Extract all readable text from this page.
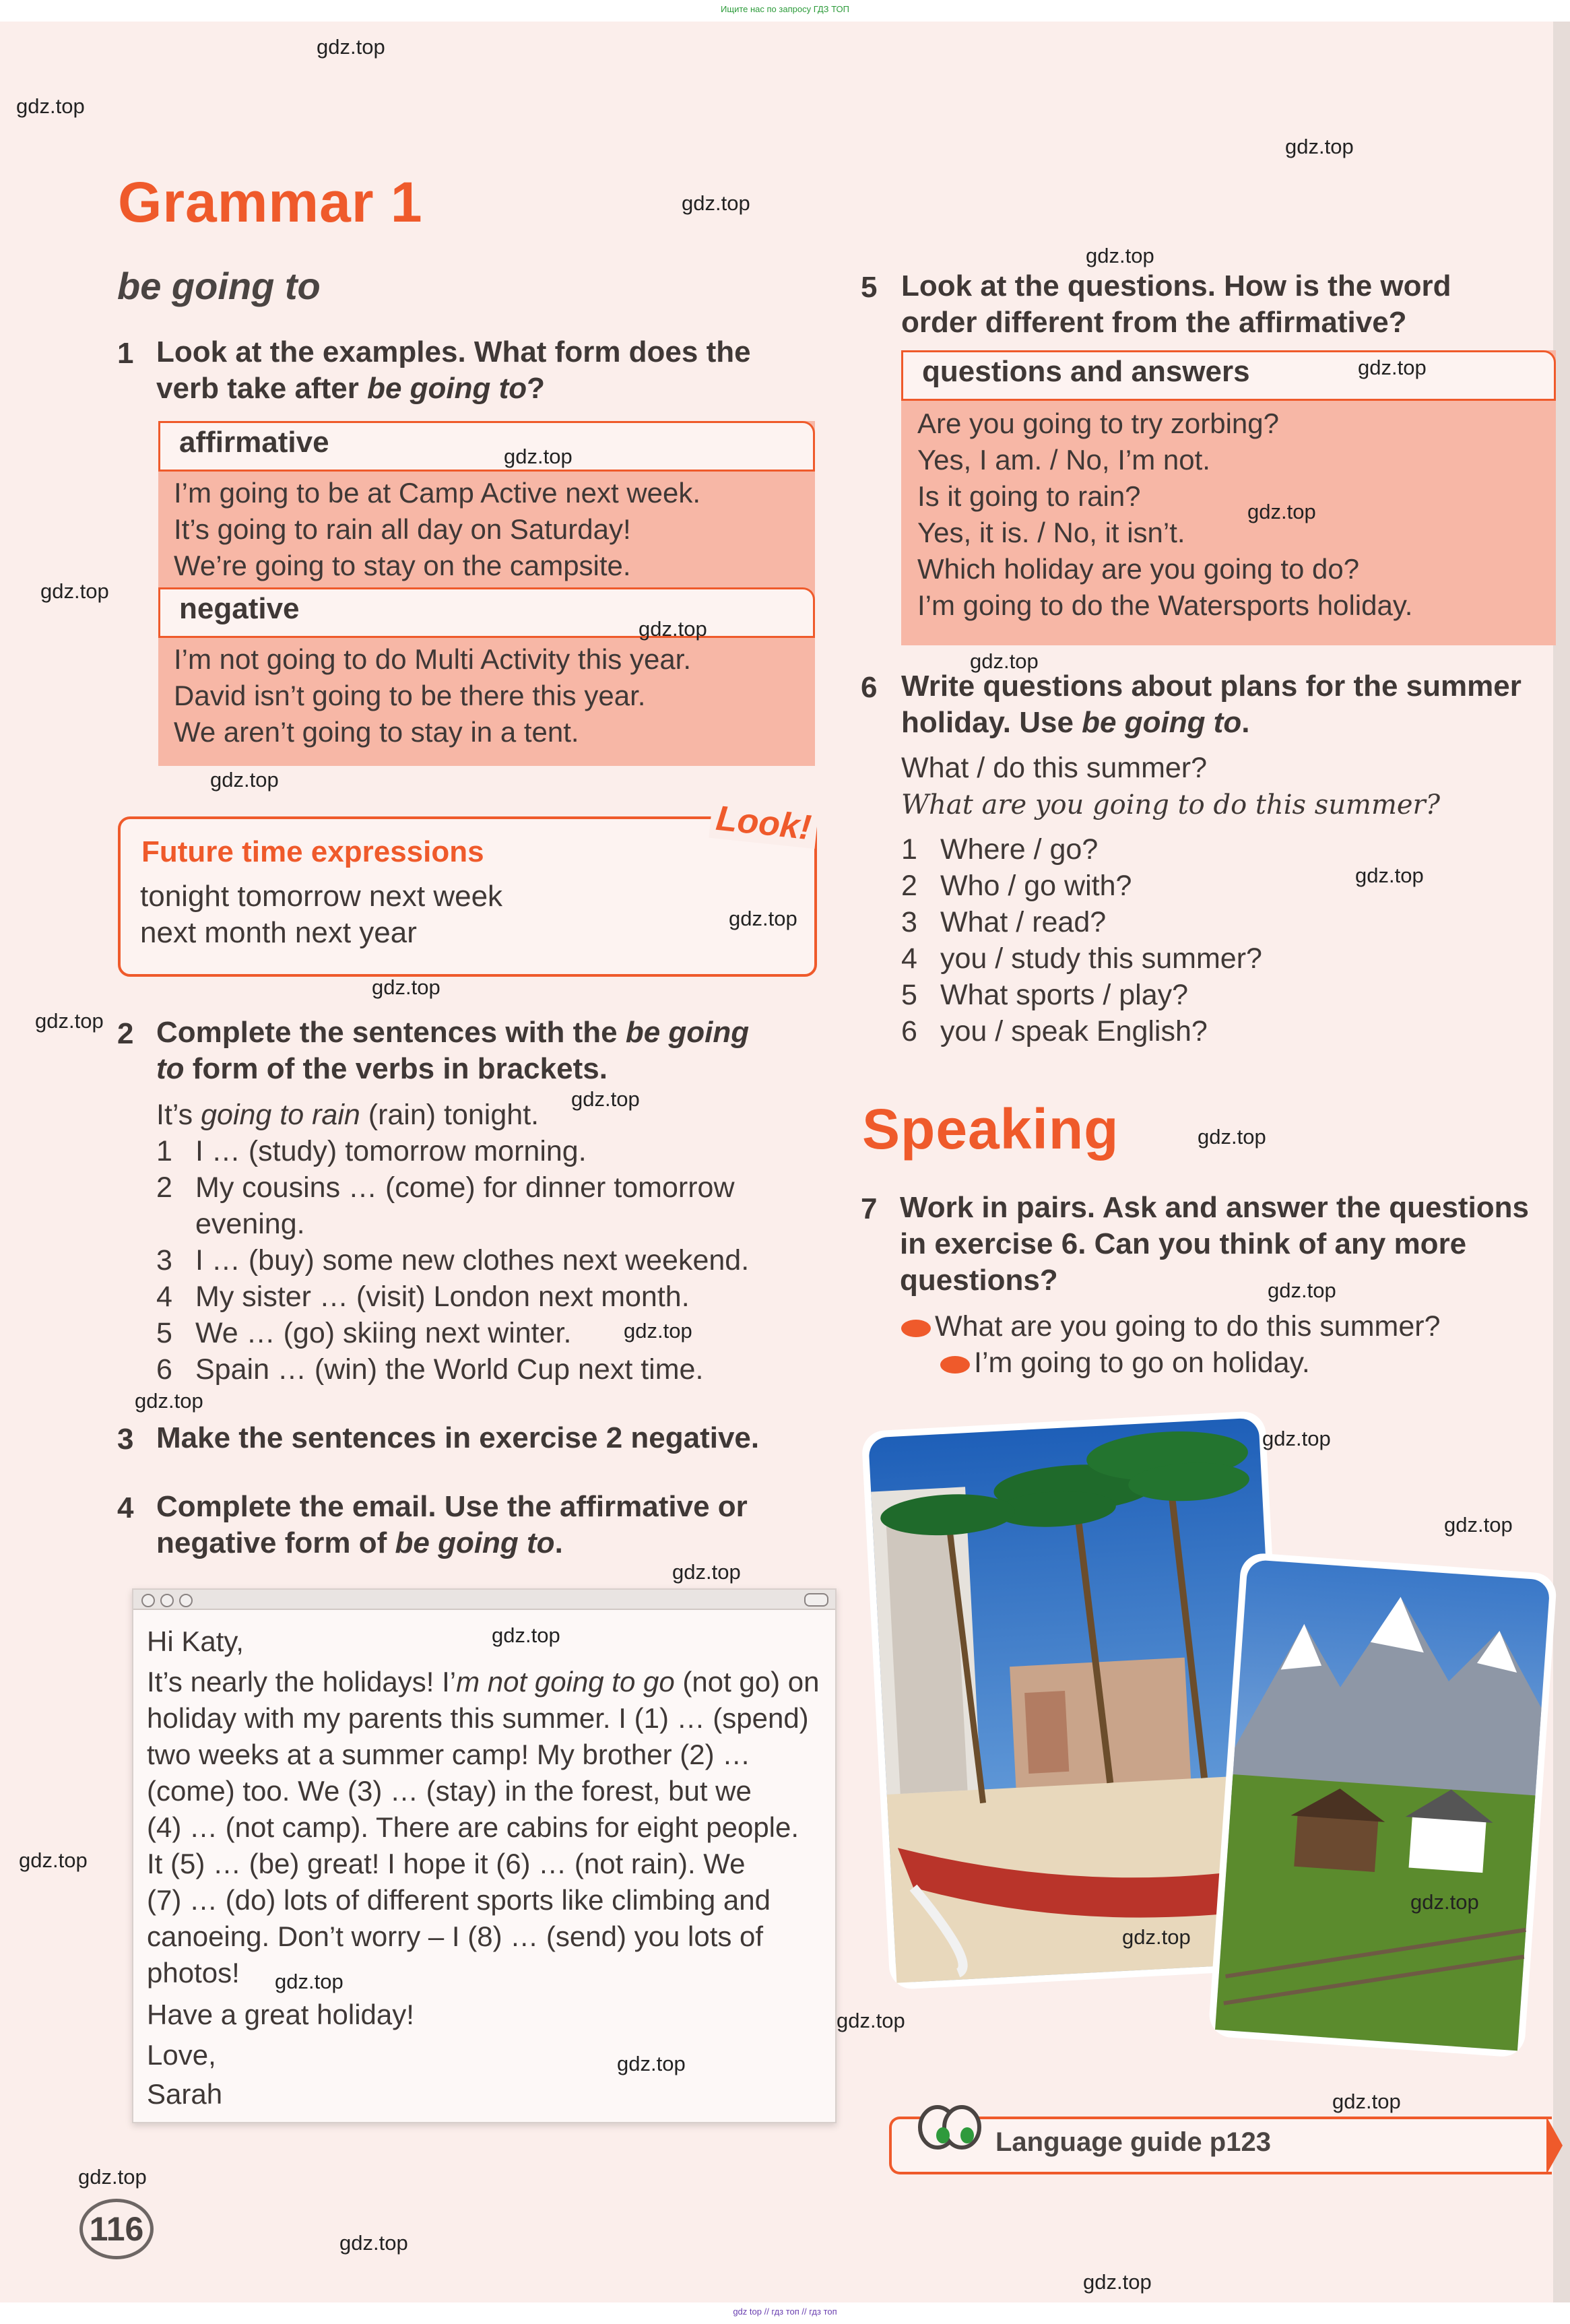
Ищите нас по запросу ГДЗ ТОП
Grammar 1
be going to
1 Look at the examples. What form does the
verb take after be going to?
affirmative
I’m going to be at Camp Active next week.
It’s going to rain all day on Saturday!
We’re going to stay on the campsite.
negative
I’m not going to do Multi Activity this year.
David isn’t going to be there this year.
We aren’t going to stay in a tent.
Look!
Future time expressions
tonight tomorrow next week
next month next year
2 Complete the sentences with the be going
to form of the verbs in brackets.
It’s going to rain (rain) tonight.
1 I … (study) tomorrow morning.
2 My cousins … (come) for dinner tomorrow
evening.
3 I … (buy) some new clothes next weekend.
4 My sister … (visit) London next month.
5 We … (go) skiing next winter.
6 Spain … (win) the World Cup next time.
3 Make the sentences in exercise 2 negative.
4 Complete the email. Use the affirmative or
negative form of be going to.
Hi Katy,
It’s nearly the holidays! I’m not going to go (not go) on
holiday with my parents this summer. I (1) … (spend)
two weeks at a summer camp! My brother (2) …
(come) too. We (3) … (stay) in the forest, but we
(4) … (not camp). There are cabins for eight people.
It (5) … (be) great! I hope it (6) … (not rain). We
(7) … (do) lots of different sports like climbing and
canoeing. Don’t worry – I (8) … (send) you lots of
photos!
Have a great holiday!
Love,
Sarah
5 Look at the questions. How is the word
order different from the affirmative?
questions and answers
Are you going to try zorbing?
Yes, I am. / No, I’m not.
Is it going to rain?
Yes, it is. / No, it isn’t.
Which holiday are you going to do?
I’m going to do the Watersports holiday.
6 Write questions about plans for the summer
holiday. Use be going to.
What / do this summer?
What are you going to do this summer?
1 Where / go?
2 Who / go with?
3 What / read?
4 you / study this summer?
5 What sports / play?
6 you / speak English?
Speaking
7 Work in pairs. Ask and answer the questions
in exercise 6. Can you think of any more
questions?
What are you going to do this summer?
I’m going to go on holiday.
Language guide p123
116
gdz.top
gdz.top
gdz.top
gdz.top
gdz.top
gdz.top
gdz.top
gdz.top
gdz.top
gdz.top
gdz.top
gdz.top
gdz.top
gdz.top
gdz.top
gdz.top
gdz.top
gdz.top
gdz.top
gdz.top
gdz.top
gdz.top
gdz.top
gdz.top
gdz.top
gdz.top
gdz.top
gdz.top
gdz.top
gdz.top
gdz.top
gdz.top
gdz.top
gdz.top
gdz.top
gdz top // гдз топ // гдз топ
